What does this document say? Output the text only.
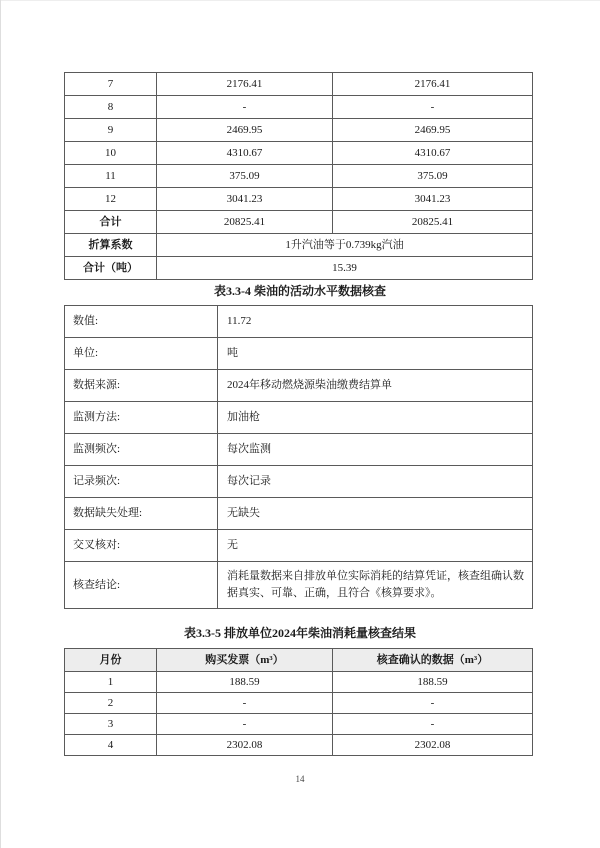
7	2176.41	2176.41
8	-	-
9	2469.95	2469.95
10	4310.67	4310.67
11	375.09	375.09
12	3041.23	3041.23
合计	20825.41	20825.41
折算系数	1升汽油等于0.739kg汽油	
合计（吨）	15.39	
表3.3-4 柴油的活动水平数据核查
数值:	11.72
单位:	吨
数据来源:	2024年移动燃烧源柴油缴费结算单
监测方法:	加油枪
监测频次:	每次监测
记录频次:	每次记录
数据缺失处理:	无缺失
交叉核对:	无
核查结论:	消耗量数据来自排放单位实际消耗的结算凭证，核查组确认数据真实、可靠、正确，且符合《核算要求》。
表3.3-5 排放单位2024年柴油消耗量核查结果
月份	购买发票（m³）	核查确认的数据（m³）
1	188.59	188.59
2	-	-
3	-	-
4	2302.08	2302.08
14
